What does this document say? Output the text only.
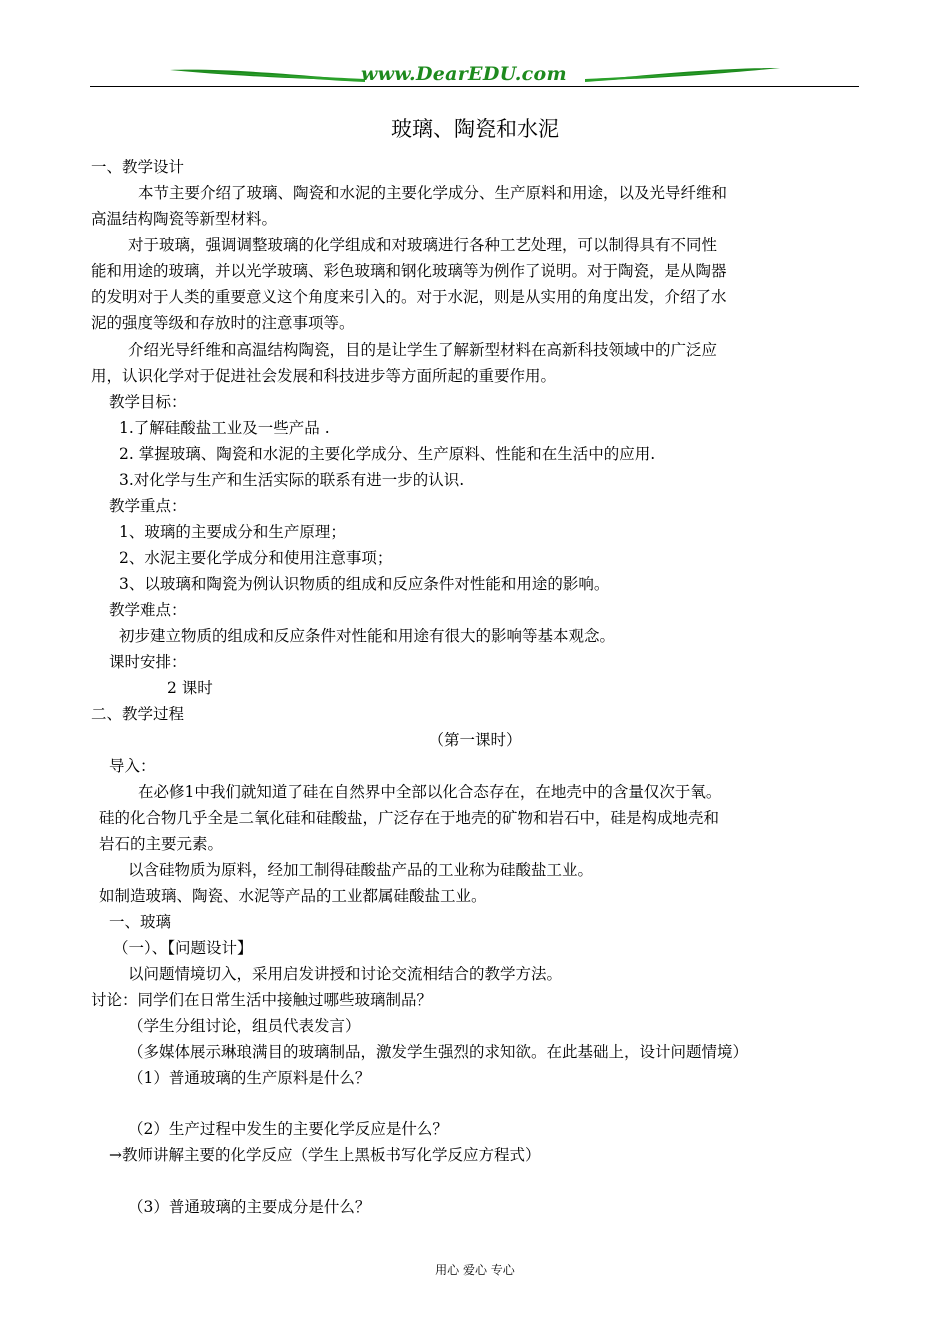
www.DearEDU.com
玻璃、陶瓷和水泥
一、教学设计
本节主要介绍了玻璃、陶瓷和水泥的主要化学成分、生产原料和用途，以及光导纤维和
高温结构陶瓷等新型材料。
对于玻璃，强调调整玻璃的化学组成和对玻璃进行各种工艺处理，可以制得具有不同性
能和用途的玻璃，并以光学玻璃、彩色玻璃和钢化玻璃等为例作了说明。对于陶瓷，是从陶器
的发明对于人类的重要意义这个角度来引入的。对于水泥，则是从实用的角度出发，介绍了水
泥的强度等级和存放时的注意事项等。
介绍光导纤维和高温结构陶瓷，目的是让学生了解新型材料在高新科技领域中的广泛应
用，认识化学对于促进社会发展和科技进步等方面所起的重要作用。
教学目标：
1.了解硅酸盐工业及一些产品 .
2. 掌握玻璃、陶瓷和水泥的主要化学成分、生产原料、性能和在生活中的应用.
3.对化学与生产和生活实际的联系有进一步的认识.
教学重点：
1、玻璃的主要成分和生产原理；
2、水泥主要化学成分和使用注意事项；
3、以玻璃和陶瓷为例认识物质的组成和反应条件对性能和用途的影响。
教学难点：
初步建立物质的组成和反应条件对性能和用途有很大的影响等基本观念。
课时安排：
2 课时
二、教学过程
（第一课时）
导入：
在必修1中我们就知道了硅在自然界中全部以化合态存在，在地壳中的含量仅次于氧。
硅的化合物几乎全是二氧化硅和硅酸盐，广泛存在于地壳的矿物和岩石中，硅是构成地壳和
岩石的主要元素。
以含硅物质为原料，经加工制得硅酸盐产品的工业称为硅酸盐工业。
如制造玻璃、陶瓷、水泥等产品的工业都属硅酸盐工业。
一、玻璃
（一）、【问题设计】
以问题情境切入，采用启发讲授和讨论交流相结合的教学方法。
讨论：同学们在日常生活中接触过哪些玻璃制品？
（学生分组讨论，组员代表发言）
（多媒体展示琳琅满目的玻璃制品，激发学生强烈的求知欲。在此基础上，设计问题情境）
（1）普通玻璃的生产原料是什么？
（2）生产过程中发生的主要化学反应是什么？
→教师讲解主要的化学反应（学生上黑板书写化学反应方程式）
（3）普通玻璃的主要成分是什么？
用心 爱心 专心
